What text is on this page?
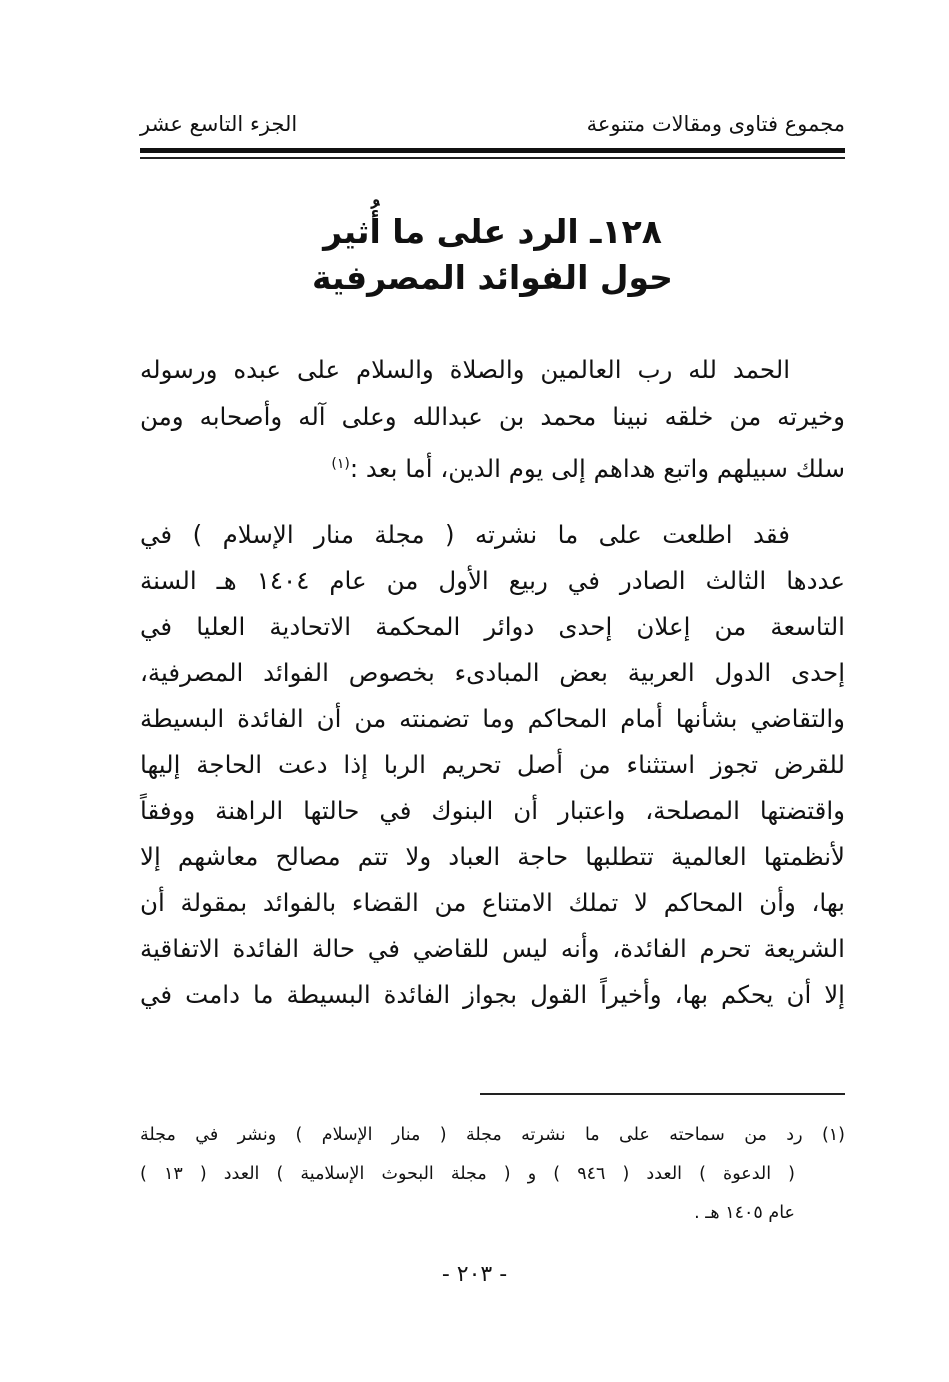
مجموع فتاوى ومقالات متنوعة
الجزء التاسع عشر
١٢٨ـ الرد على ما أُثير
حول الفوائد المصرفية
الحمد لله رب العالمين والصلاة والسلام على عبده ورسوله
وخيرته من خلقه نبينا محمد بن عبدالله وعلى آله وأصحابه ومن
سلك سبيلهم واتبع هداهم إلى يوم الدين، أما بعد :$^{(١)}$
فقد اطلعت على ما نشرته ( مجلة منار الإسلام ) في
عددها الثالث الصادر في ربيع الأول من عام ١٤٠٤ هـ السنة
التاسعة من إعلان إحدى دوائر المحكمة الاتحادية العليا في
إحدى الدول العربية بعض المبادىء بخصوص الفوائد المصرفية،
والتقاضي بشأنها أمام المحاكم وما تضمنته من أن الفائدة البسيطة
للقرض تجوز استثناء من أصل تحريم الربا إذا دعت الحاجة إليها
واقتضتها المصلحة، واعتبار أن البنوك في حالتها الراهنة ووفقاً
لأنظمتها العالمية تتطلبها حاجة العباد ولا تتم مصالح معاشهم إلا
بها، وأن المحاكم لا تملك الامتناع من القضاء بالفوائد بمقولة أن
الشريعة تحرم الفائدة، وأنه ليس للقاضي في حالة الفائدة الاتفاقية
إلا أن يحكم بها، وأخيراً القول بجواز الفائدة البسيطة ما دامت في
(١) رد من سماحته على ما نشرته مجلة ( منار الإسلام ) ونشر في مجلة
( الدعوة ) العدد ( ٩٤٦ ) و ( مجلة البحوث الإسلامية ) العدد ( ١٣ )
عام ١٤٠٥ هـ .
- ٢٠٣ -
